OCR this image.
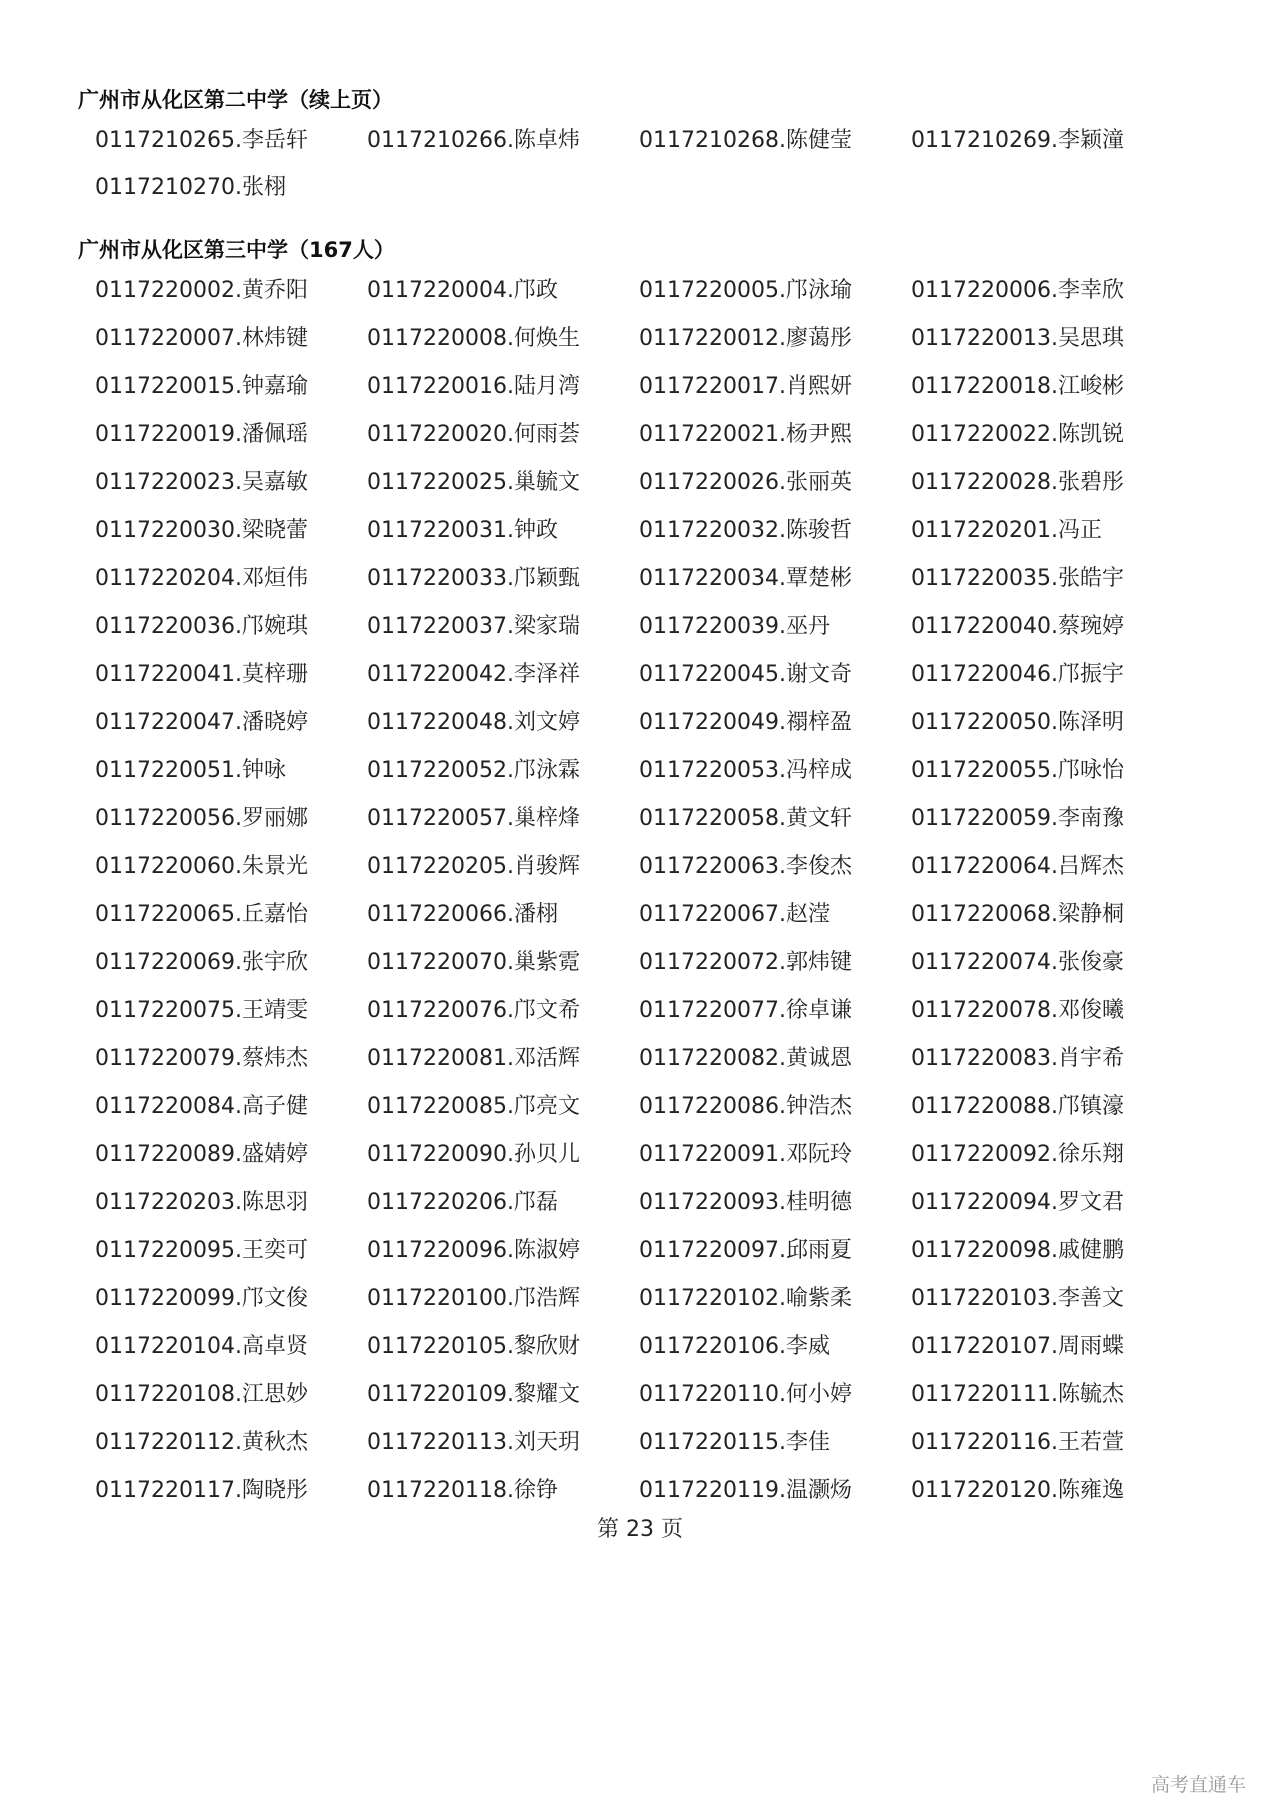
广州市从化区第二中学（续上页）
0117210265.李岳轩	0117210266.陈卓炜	0117210268.陈健莹	0117210269.李颖潼
0117210270.张栩
广州市从化区第三中学（167人）
0117220002.黄乔阳	0117220004.邝政	0117220005.邝泳瑜	0117220006.李幸欣
0117220007.林炜键	0117220008.何焕生	0117220012.廖蔼彤	0117220013.吴思琪
0117220015.钟嘉瑜	0117220016.陆月湾	0117220017.肖熙妍	0117220018.江峻彬
0117220019.潘佩瑶	0117220020.何雨荟	0117220021.杨尹熙	0117220022.陈凯锐
0117220023.吴嘉敏	0117220025.巢毓文	0117220026.张丽英	0117220028.张碧彤
0117220030.梁晓蕾	0117220031.钟政	0117220032.陈骏哲	0117220201.冯正
0117220204.邓烜伟	0117220033.邝颖甄	0117220034.覃楚彬	0117220035.张皓宇
0117220036.邝婉琪	0117220037.梁家瑞	0117220039.巫丹	0117220040.蔡琬婷
0117220041.莫梓珊	0117220042.李泽祥	0117220045.谢文奇	0117220046.邝振宇
0117220047.潘晓婷	0117220048.刘文婷	0117220049.禤梓盈	0117220050.陈泽明
0117220051.钟咏	0117220052.邝泳霖	0117220053.冯梓成	0117220055.邝咏怡
0117220056.罗丽娜	0117220057.巢梓烽	0117220058.黄文轩	0117220059.李南豫
0117220060.朱景光	0117220205.肖骏辉	0117220063.李俊杰	0117220064.吕辉杰
0117220065.丘嘉怡	0117220066.潘栩	0117220067.赵滢	0117220068.梁静桐
0117220069.张宇欣	0117220070.巢紫霓	0117220072.郭炜键	0117220074.张俊豪
0117220075.王靖雯	0117220076.邝文希	0117220077.徐卓谦	0117220078.邓俊曦
0117220079.蔡炜杰	0117220081.邓活辉	0117220082.黄诚恩	0117220083.肖宇希
0117220084.高子健	0117220085.邝亮文	0117220086.钟浩杰	0117220088.邝镇濠
0117220089.盛婧婷	0117220090.孙贝儿	0117220091.邓阮玲	0117220092.徐乐翔
0117220203.陈思羽	0117220206.邝磊	0117220093.桂明德	0117220094.罗文君
0117220095.王奕可	0117220096.陈淑婷	0117220097.邱雨夏	0117220098.戚健鹏
0117220099.邝文俊	0117220100.邝浩辉	0117220102.喻紫柔	0117220103.李善文
0117220104.高卓贤	0117220105.黎欣财	0117220106.李威	0117220107.周雨蝶
0117220108.江思妙	0117220109.黎耀文	0117220110.何小婷	0117220111.陈毓杰
0117220112.黄秋杰	0117220113.刘天玥	0117220115.李佳	0117220116.王若萱
0117220117.陶晓彤	0117220118.徐铮	0117220119.温灏炀	0117220120.陈雍逸
第 23 页
高考直通车
